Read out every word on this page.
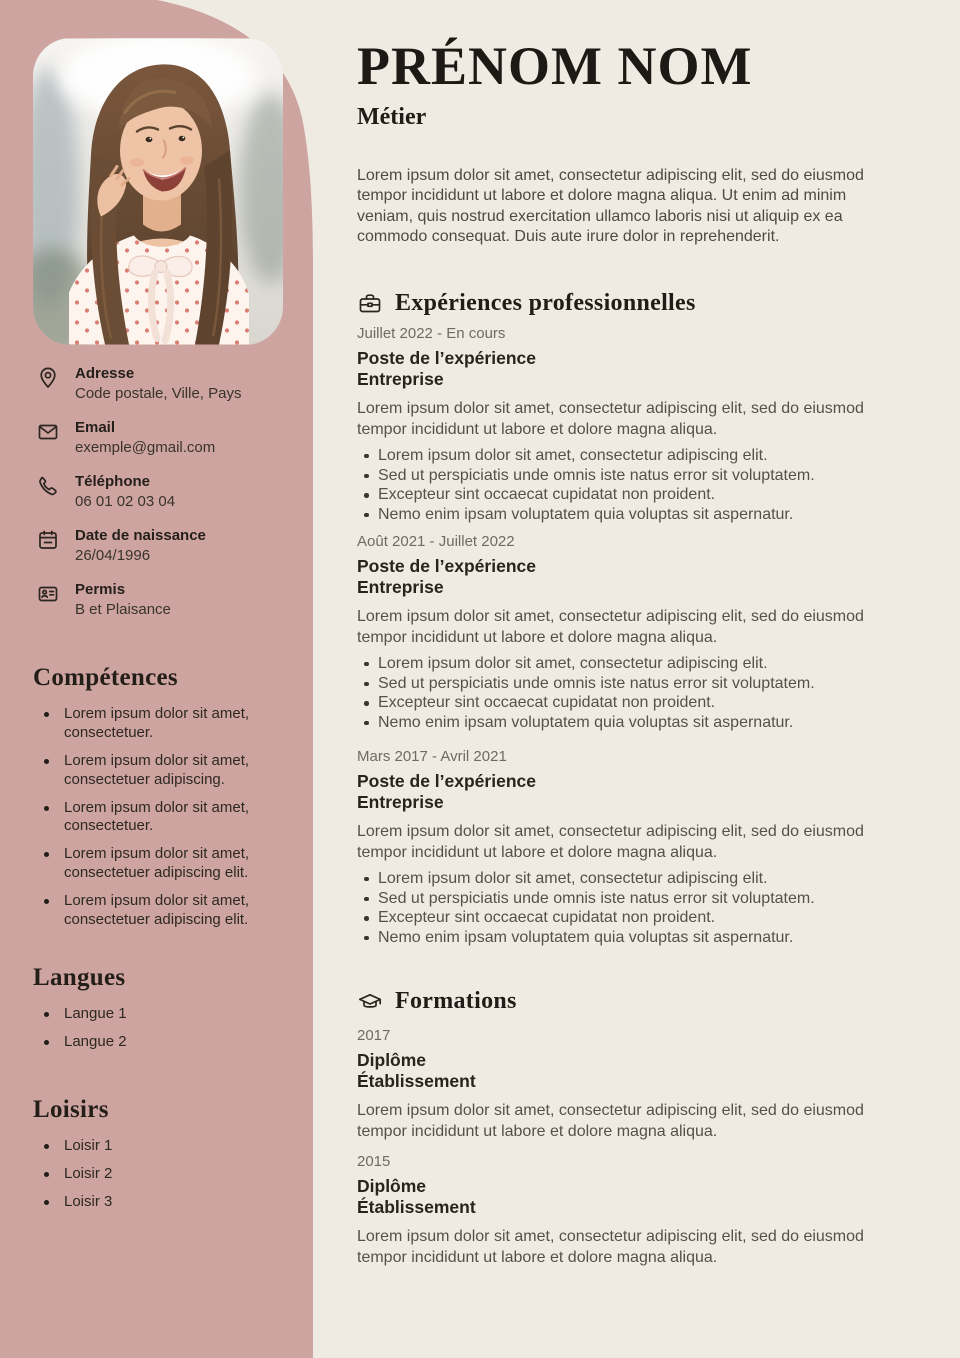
Adresse
Code postale, Ville, Pays
Email
exemple@gmail.com
Téléphone
06 01 02 03 04
Date de naissance
26/04/1996
Permis
B et Plaisance
Compétences
Lorem ipsum dolor sit amet, consectetuer.
Lorem ipsum dolor sit amet, consectetuer adipiscing.
Lorem ipsum dolor sit amet, consectetuer.
Lorem ipsum dolor sit amet, consectetuer adipiscing elit.
Lorem ipsum dolor sit amet, consectetuer adipiscing elit.
Langues
Langue 1
Langue 2
Loisirs
Loisir 1
Loisir 2
Loisir 3
PRÉNOM NOM
Métier

Lorem ipsum dolor sit amet, consectetur adipiscing elit, sed do eiusmod tempor incididunt ut labore et dolore magna aliqua. Ut enim ad minim veniam, quis nostrud exercitation ullamco laboris nisi ut aliquip ex ea commodo consequat. Duis aute irure dolor in reprehenderit.

Expériences professionnelles
Juillet 2022 - En cours
Poste de l’expérience
Entreprise

Lorem ipsum dolor sit amet, consectetur adipiscing elit, sed do eiusmod tempor incididunt ut labore et dolore magna aliqua.

Lorem ipsum dolor sit amet, consectetur adipiscing elit.
Sed ut perspiciatis unde omnis iste natus error sit voluptatem.
Excepteur sint occaecat cupidatat non proident.
Nemo enim ipsam voluptatem quia voluptas sit aspernatur.
Août 2021 - Juillet 2022
Poste de l’expérience
Entreprise

Lorem ipsum dolor sit amet, consectetur adipiscing elit, sed do eiusmod tempor incididunt ut labore et dolore magna aliqua.

Lorem ipsum dolor sit amet, consectetur adipiscing elit.
Sed ut perspiciatis unde omnis iste natus error sit voluptatem.
Excepteur sint occaecat cupidatat non proident.
Nemo enim ipsam voluptatem quia voluptas sit aspernatur.
Mars 2017 - Avril 2021
Poste de l’expérience
Entreprise

Lorem ipsum dolor sit amet, consectetur adipiscing elit, sed do eiusmod tempor incididunt ut labore et dolore magna aliqua.

Lorem ipsum dolor sit amet, consectetur adipiscing elit.
Sed ut perspiciatis unde omnis iste natus error sit voluptatem.
Excepteur sint occaecat cupidatat non proident.
Nemo enim ipsam voluptatem quia voluptas sit aspernatur.
Formations
2017
Diplôme
Établissement

Lorem ipsum dolor sit amet, consectetur adipiscing elit, sed do eiusmod tempor incididunt ut labore et dolore magna aliqua.

2015
Diplôme
Établissement

Lorem ipsum dolor sit amet, consectetur adipiscing elit, sed do eiusmod tempor incididunt ut labore et dolore magna aliqua.
